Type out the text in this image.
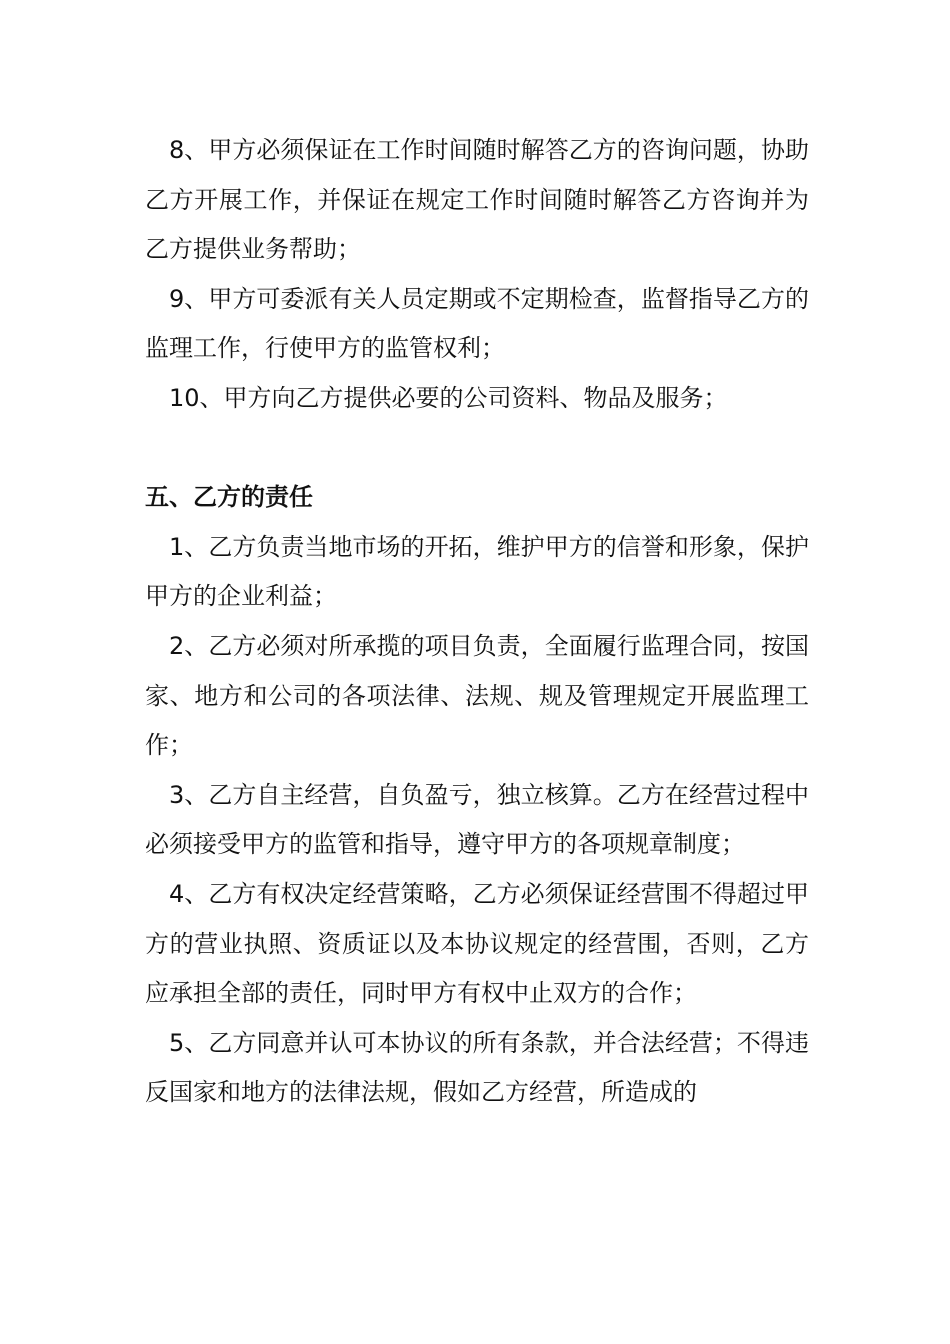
8、甲方必须保证在工作时间随时解答乙方的咨询问题，协助乙方开展工作，并保证在规定工作时间随时解答乙方咨询并为乙方提供业务帮助；

9、甲方可委派有关人员定期或不定期检查，监督指导乙方的监理工作，行使甲方的监管权利；

10、甲方向乙方提供必要的公司资料、物品及服务；

五、乙方的责任

1、乙方负责当地市场的开拓，维护甲方的信誉和形象，保护甲方的企业利益；

2、乙方必须对所承揽的项目负责，全面履行监理合同，按国家、地方和公司的各项法律、法规、规及管理规定开展监理工作；

3、乙方自主经营，自负盈亏，独立核算。乙方在经营过程中必须接受甲方的监管和指导，遵守甲方的各项规章制度；

4、乙方有权决定经营策略，乙方必须保证经营围不得超过甲方的营业执照、资质证以及本协议规定的经营围，否则，乙方应承担全部的责任，同时甲方有权中止双方的合作；

5、乙方同意并认可本协议的所有条款，并合法经营；不得违反国家和地方的法律法规，假如乙方经营，所造成的
